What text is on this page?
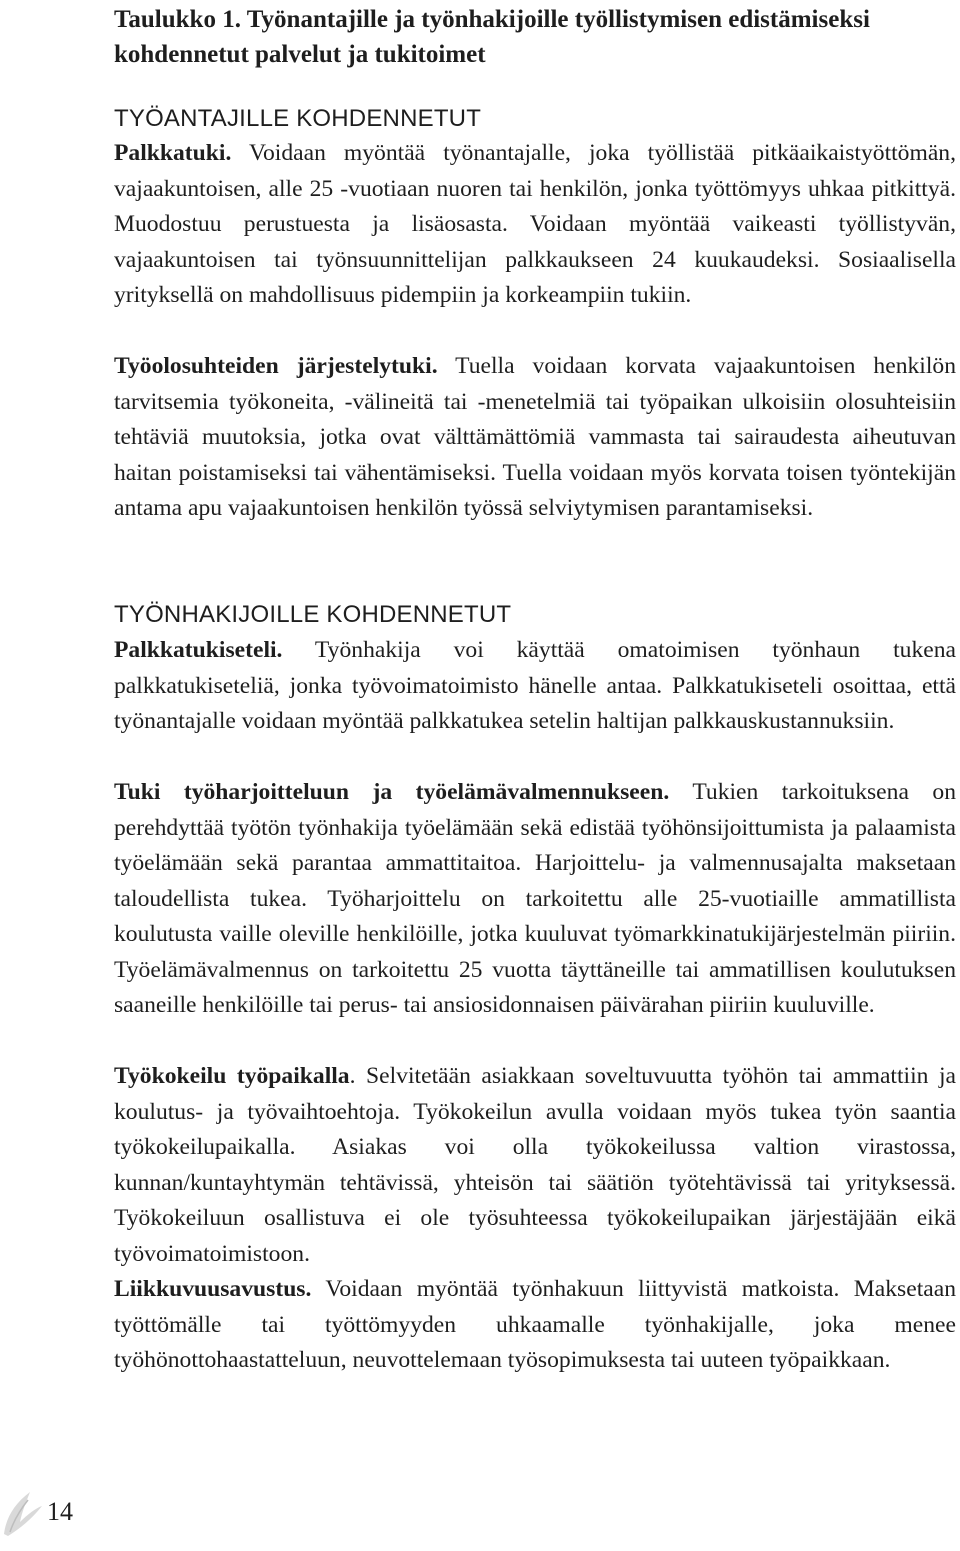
Taulukko 1. Työnantajille ja työnhakijoille työllistymisen edistämiseksi kohdennetut palvelut ja tukitoimet
TYÖANTAJILLE KOHDENNETUT

Palkkatuki. Voidaan myöntää työnantajalle, joka työllistää pitkäaikaistyöttömän, vajaakuntoisen, alle 25 -vuotiaan nuoren tai henkilön, jonka työttömyys uhkaa pitkittyä. Muodostuu perustuesta ja lisäosasta. Voidaan myöntää vaikeasti työllistyvän, vajaakuntoisen tai työnsuunnittelijan palkkaukseen 24 kuukaudeksi. Sosiaalisella yrityksellä on mahdollisuus pidempiin ja korkeampiin tukiin.

Työolosuhteiden järjestelytuki. Tuella voidaan korvata vajaakuntoisen henkilön tarvitsemia työkoneita, -välineitä tai -menetelmiä tai työpaikan ulkoisiin olosuhteisiin tehtäviä muutoksia, jotka ovat välttämättömiä vammasta tai sairaudesta aiheutuvan haitan poistamiseksi tai vähentämiseksi. Tuella voidaan myös korvata toisen työntekijän antama apu vajaakuntoisen henkilön työssä selviytymisen parantamiseksi.

TYÖNHAKIJOILLE KOHDENNETUT

Palkkatukiseteli. Työnhakija voi käyttää omatoimisen työnhaun tukena palkkatukiseteliä, jonka työvoimatoimisto hänelle antaa. Palkkatukiseteli osoittaa, että työnantajalle voidaan myöntää palkkatukea setelin haltijan palkkauskustannuksiin.

Tuki työharjoitteluun ja työelämävalmennukseen. Tukien tarkoituksena on perehdyttää työtön työnhakija työelämään sekä edistää työhönsijoittumista ja palaamista työelämään sekä parantaa ammattitaitoa. Harjoittelu- ja valmennusajalta maksetaan taloudellista tukea. Työharjoittelu on tarkoitettu alle 25-vuotiaille ammatillista koulutusta vaille oleville henkilöille, jotka kuuluvat työmarkkinatukijärjestelmän piiriin. Työelämävalmennus on tarkoitettu 25 vuotta täyttäneille tai ammatillisen koulutuksen saaneille henkilöille tai perus- tai ansiosidonnaisen päivärahan piiriin kuuluville.

Työkokeilu työpaikalla. Selvitetään asiakkaan soveltuvuutta työhön tai ammattiin ja koulutus- ja työvaihtoehtoja. Työkokeilun avulla voidaan myös tukea työn saantia työkokeilupaikalla. Asiakas voi olla työkokeilussa valtion virastossa, kunnan/kuntayhtymän tehtävissä, yhteisön tai säätiön työtehtävissä tai yrityksessä. Työkokeiluun osallistuva ei ole työsuhteessa työkokeilupaikan järjestäjään eikä työvoimatoimistoon.

Liikkuvuusavustus. Voidaan myöntää työnhakuun liittyvistä matkoista. Maksetaan työttömälle tai työttömyyden uhkaamalle työnhakijalle, joka menee työhönottohaastatteluun, neuvottelemaan työsopimuksesta tai uuteen työpaikkaan.

14
